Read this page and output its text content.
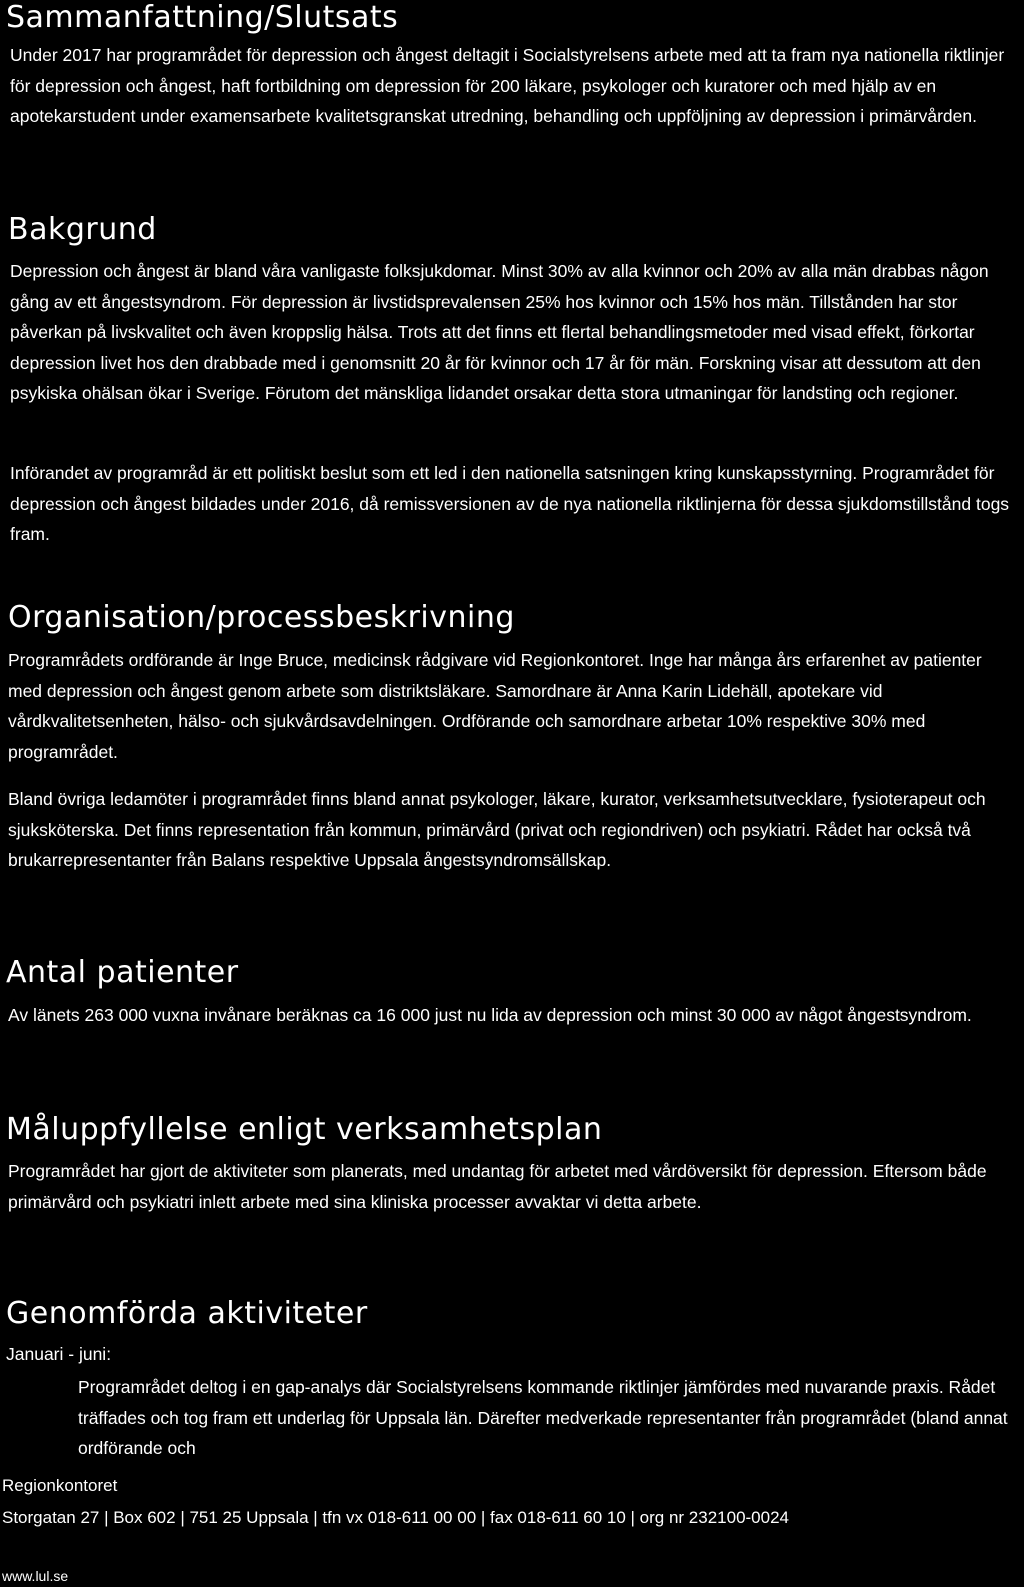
Sammanfattning/Slutsats

Under 2017 har programrådet för depression och ångest deltagit i Socialstyrelsens arbete med att ta fram nya nationella riktlinjer för depression och ångest, haft fortbildning om depression för 200 läkare, psykologer och kuratorer och med hjälp av en apotekarstudent under examensarbete kvalitetsgranskat utredning, behandling och uppföljning av depression i primärvården.

Bakgrund

Depression och ångest är bland våra vanligaste folksjukdomar. Minst 30% av alla kvinnor och 20% av alla män drabbas någon gång av ett ångestsyndrom. För depression är livstidsprevalensen 25% hos kvinnor och 15% hos män. Tillstånden har stor påverkan på livskvalitet och även kroppslig hälsa. Trots att det finns ett flertal behandlingsmetoder med visad effekt, förkortar depression livet hos den drabbade med i genomsnitt 20 år för kvinnor och 17 år för män. Forskning visar att dessutom att den psykiska ohälsan ökar i Sverige. Förutom det mänskliga lidandet orsakar detta stora utmaningar för landsting och regioner.

Införandet av programråd är ett politiskt beslut som ett led i den nationella satsningen kring kunskapsstyrning. Programrådet för depression och ångest bildades under 2016, då remissversionen av de nya nationella riktlinjerna för dessa sjukdomstillstånd togs fram.

Organisation/processbeskrivning

Programrådets ordförande är Inge Bruce, medicinsk rådgivare vid Regionkontoret. Inge har många års erfarenhet av patienter med depression och ångest genom arbete som distriktsläkare. Samordnare är Anna Karin Lidehäll, apotekare vid vårdkvalitetsenheten, hälso- och sjukvårdsavdelningen. Ordförande och samordnare arbetar 10% respektive 30% med programrådet.

Bland övriga ledamöter i programrådet finns bland annat psykologer, läkare, kurator, verksamhetsutvecklare, fysioterapeut och sjuksköterska. Det finns representation från kommun, primärvård (privat och regiondriven) och psykiatri. Rådet har också två brukarrepresentanter från Balans respektive Uppsala ångestsyndromsällskap.

Antal patienter

Av länets 263 000 vuxna invånare beräknas ca 16 000 just nu lida av depression och minst 30 000 av något ångestsyndrom.

Måluppfyllelse enligt verksamhetsplan

Programrådet har gjort de aktiviteter som planerats, med undantag för arbetet med vårdöversikt för depression. Eftersom både primärvård och psykiatri inlett arbete med sina kliniska processer avvaktar vi detta arbete.

Genomförda aktiviteter

Januari - juni:

Programrådet deltog i en gap-analys där Socialstyrelsens kommande riktlinjer jämfördes med nuvarande praxis. Rådet träffades och tog fram ett underlag för Uppsala län. Därefter medverkade representanter från programrådet (bland annat ordförande och

Regionkontoret
Storgatan 27 | Box 602 | 751 25 Uppsala | tfn vx 018-611 00 00 | fax 018-611 60 10 | org nr 232100-0024
www.lul.se
